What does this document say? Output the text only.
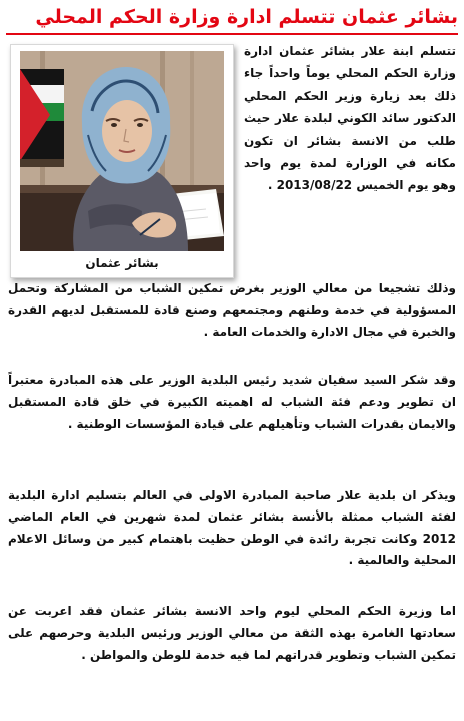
بشائر عثمان تتسلم ادارة وزارة الحكم المحلي
بشائر عثمان

تتسلم ابنة علار بشائر عثمان ادارة وزارة الحكم المحلي يوماً واحداً جاء ذلك بعد زيارة وزير الحكم المحلي الدكتور سائد الكوني لبلدة علار حيث طلب من الانسة بشائر ان تكون مكانه في الوزارة لمدة يوم واحد وهو يوم الخميس 2013/08/22 .

وذلك تشجيعا من معالي الوزير بغرض تمكين الشباب من المشاركة وتحمل المسؤولية في خدمة وطنهم ومجتمعهم وصنع قادة للمستقبل لديهم القدرة والخبرة في مجال الادارة والخدمات العامة .

وقد شكر السيد سفيان شديد رئيس البلدية الوزير على هذه المبادرة معتبراً ان تطوير ودعم فئة الشباب له اهميته الكبيرة في خلق قادة المستقبل والايمان بقدرات الشباب وتأهيلهم على قيادة المؤسسات الوطنية .

ويذكر ان بلدية علار صاحبة المبادرة الاولى في العالم بتسليم ادارة البلدية لفئة الشباب ممثلة بالأنسة بشائر عثمان لمدة شهرين في العام الماضي 2012 وكانت تجربة رائدة في الوطن حظيت باهتمام كبير من وسائل الاعلام المحلية والعالمية .

اما وزيرة الحكم المحلي ليوم واحد الانسة بشائر عثمان فقد اعربت عن سعادتها الغامرة بهذه الثقة من معالي الوزير ورئيس البلدية وحرصهم على تمكين الشباب وتطوير قدراتهم لما فيه خدمة للوطن والمواطن .
